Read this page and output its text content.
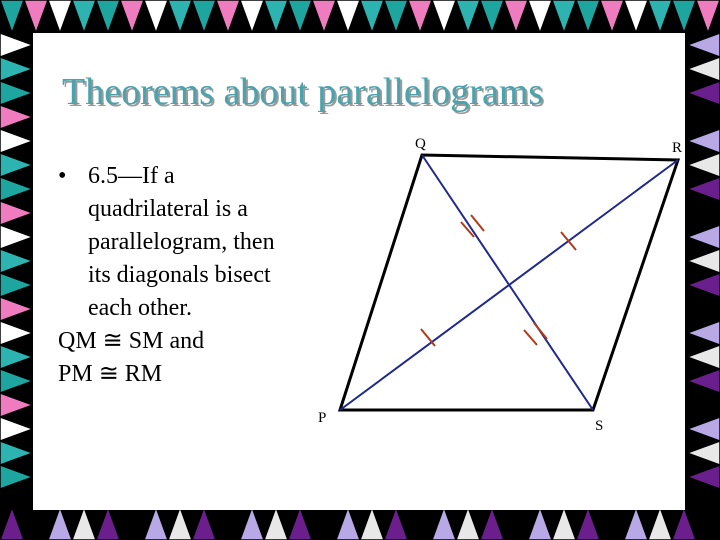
Theorems about parallelograms
• 6.5—If a
quadrilateral is a
parallelogram, then
its diagonals bisect
each other.
QM ≅ SM and
PM ≅ RM
Q	R
P	S
